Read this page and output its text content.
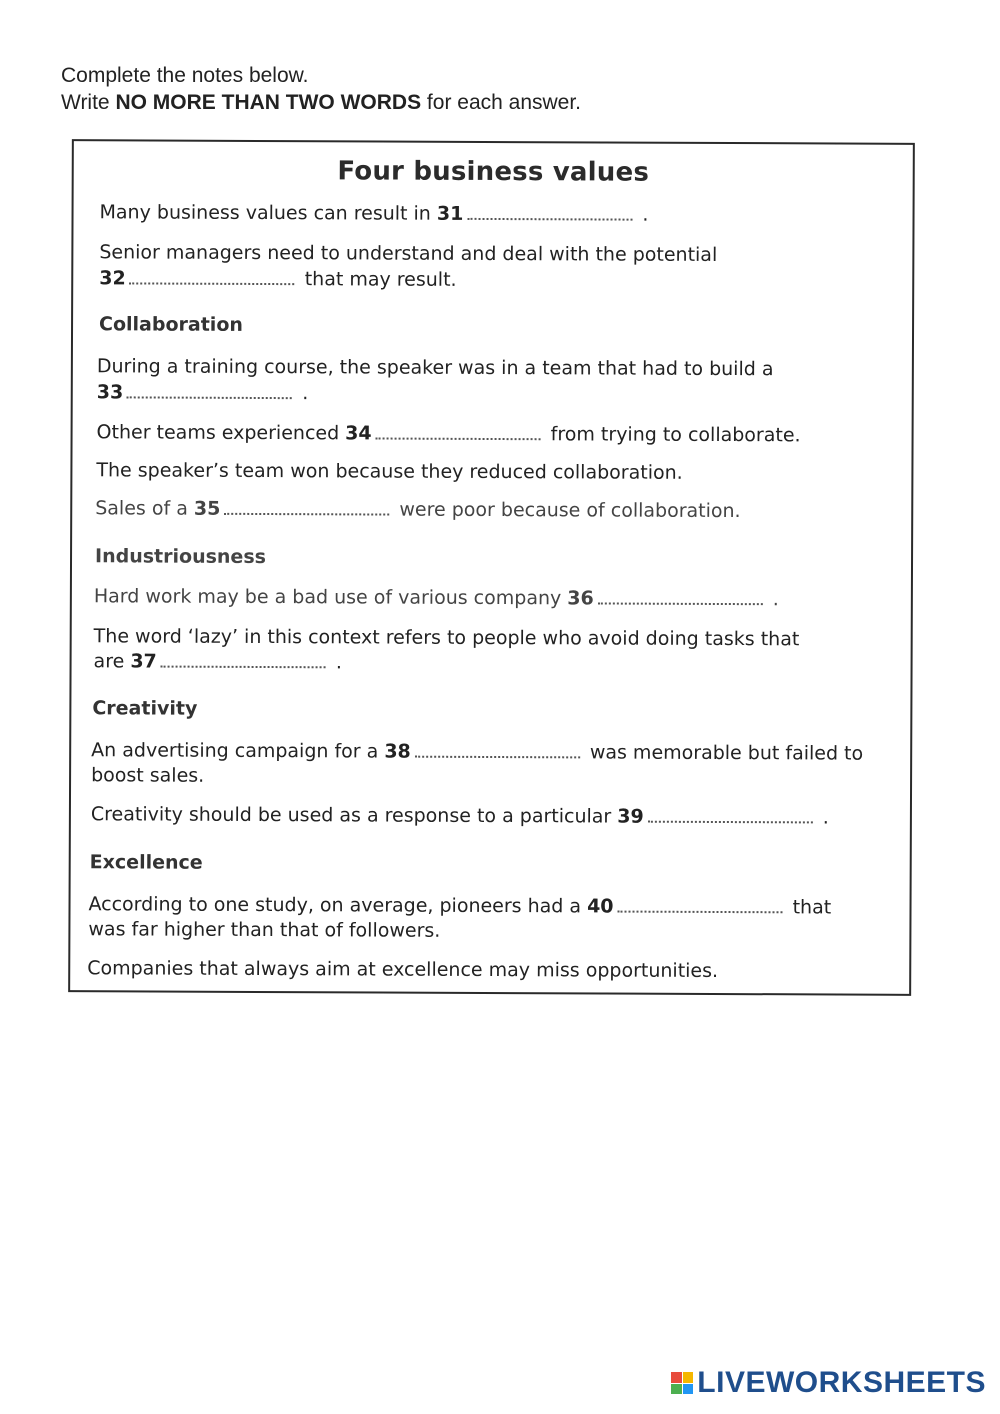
Complete the notes below.
Write NO MORE THAN TWO WORDS for each answer.
Four business values
Many business values can result in 31	.
Senior managers need to understand and deal with the potential
32	that may result.
Collaboration
During a training course, the speaker was in a team that had to build a
33	.
Other teams experienced 34	from trying to collaborate.
The speaker’s team won because they reduced collaboration.
Sales of a 35	were poor because of collaboration.
Industriousness
Hard work may be a bad use of various company 36	.
The word ‘lazy’ in this context refers to people who avoid doing tasks that
are 37	.
Creativity
An advertising campaign for a 38	was memorable but failed to
boost sales.
Creativity should be used as a response to a particular 39	.
Excellence
According to one study, on average, pioneers had a 40	that
was far higher than that of followers.
Companies that always aim at excellence may miss opportunities.
LIVEWORKSHEETS
